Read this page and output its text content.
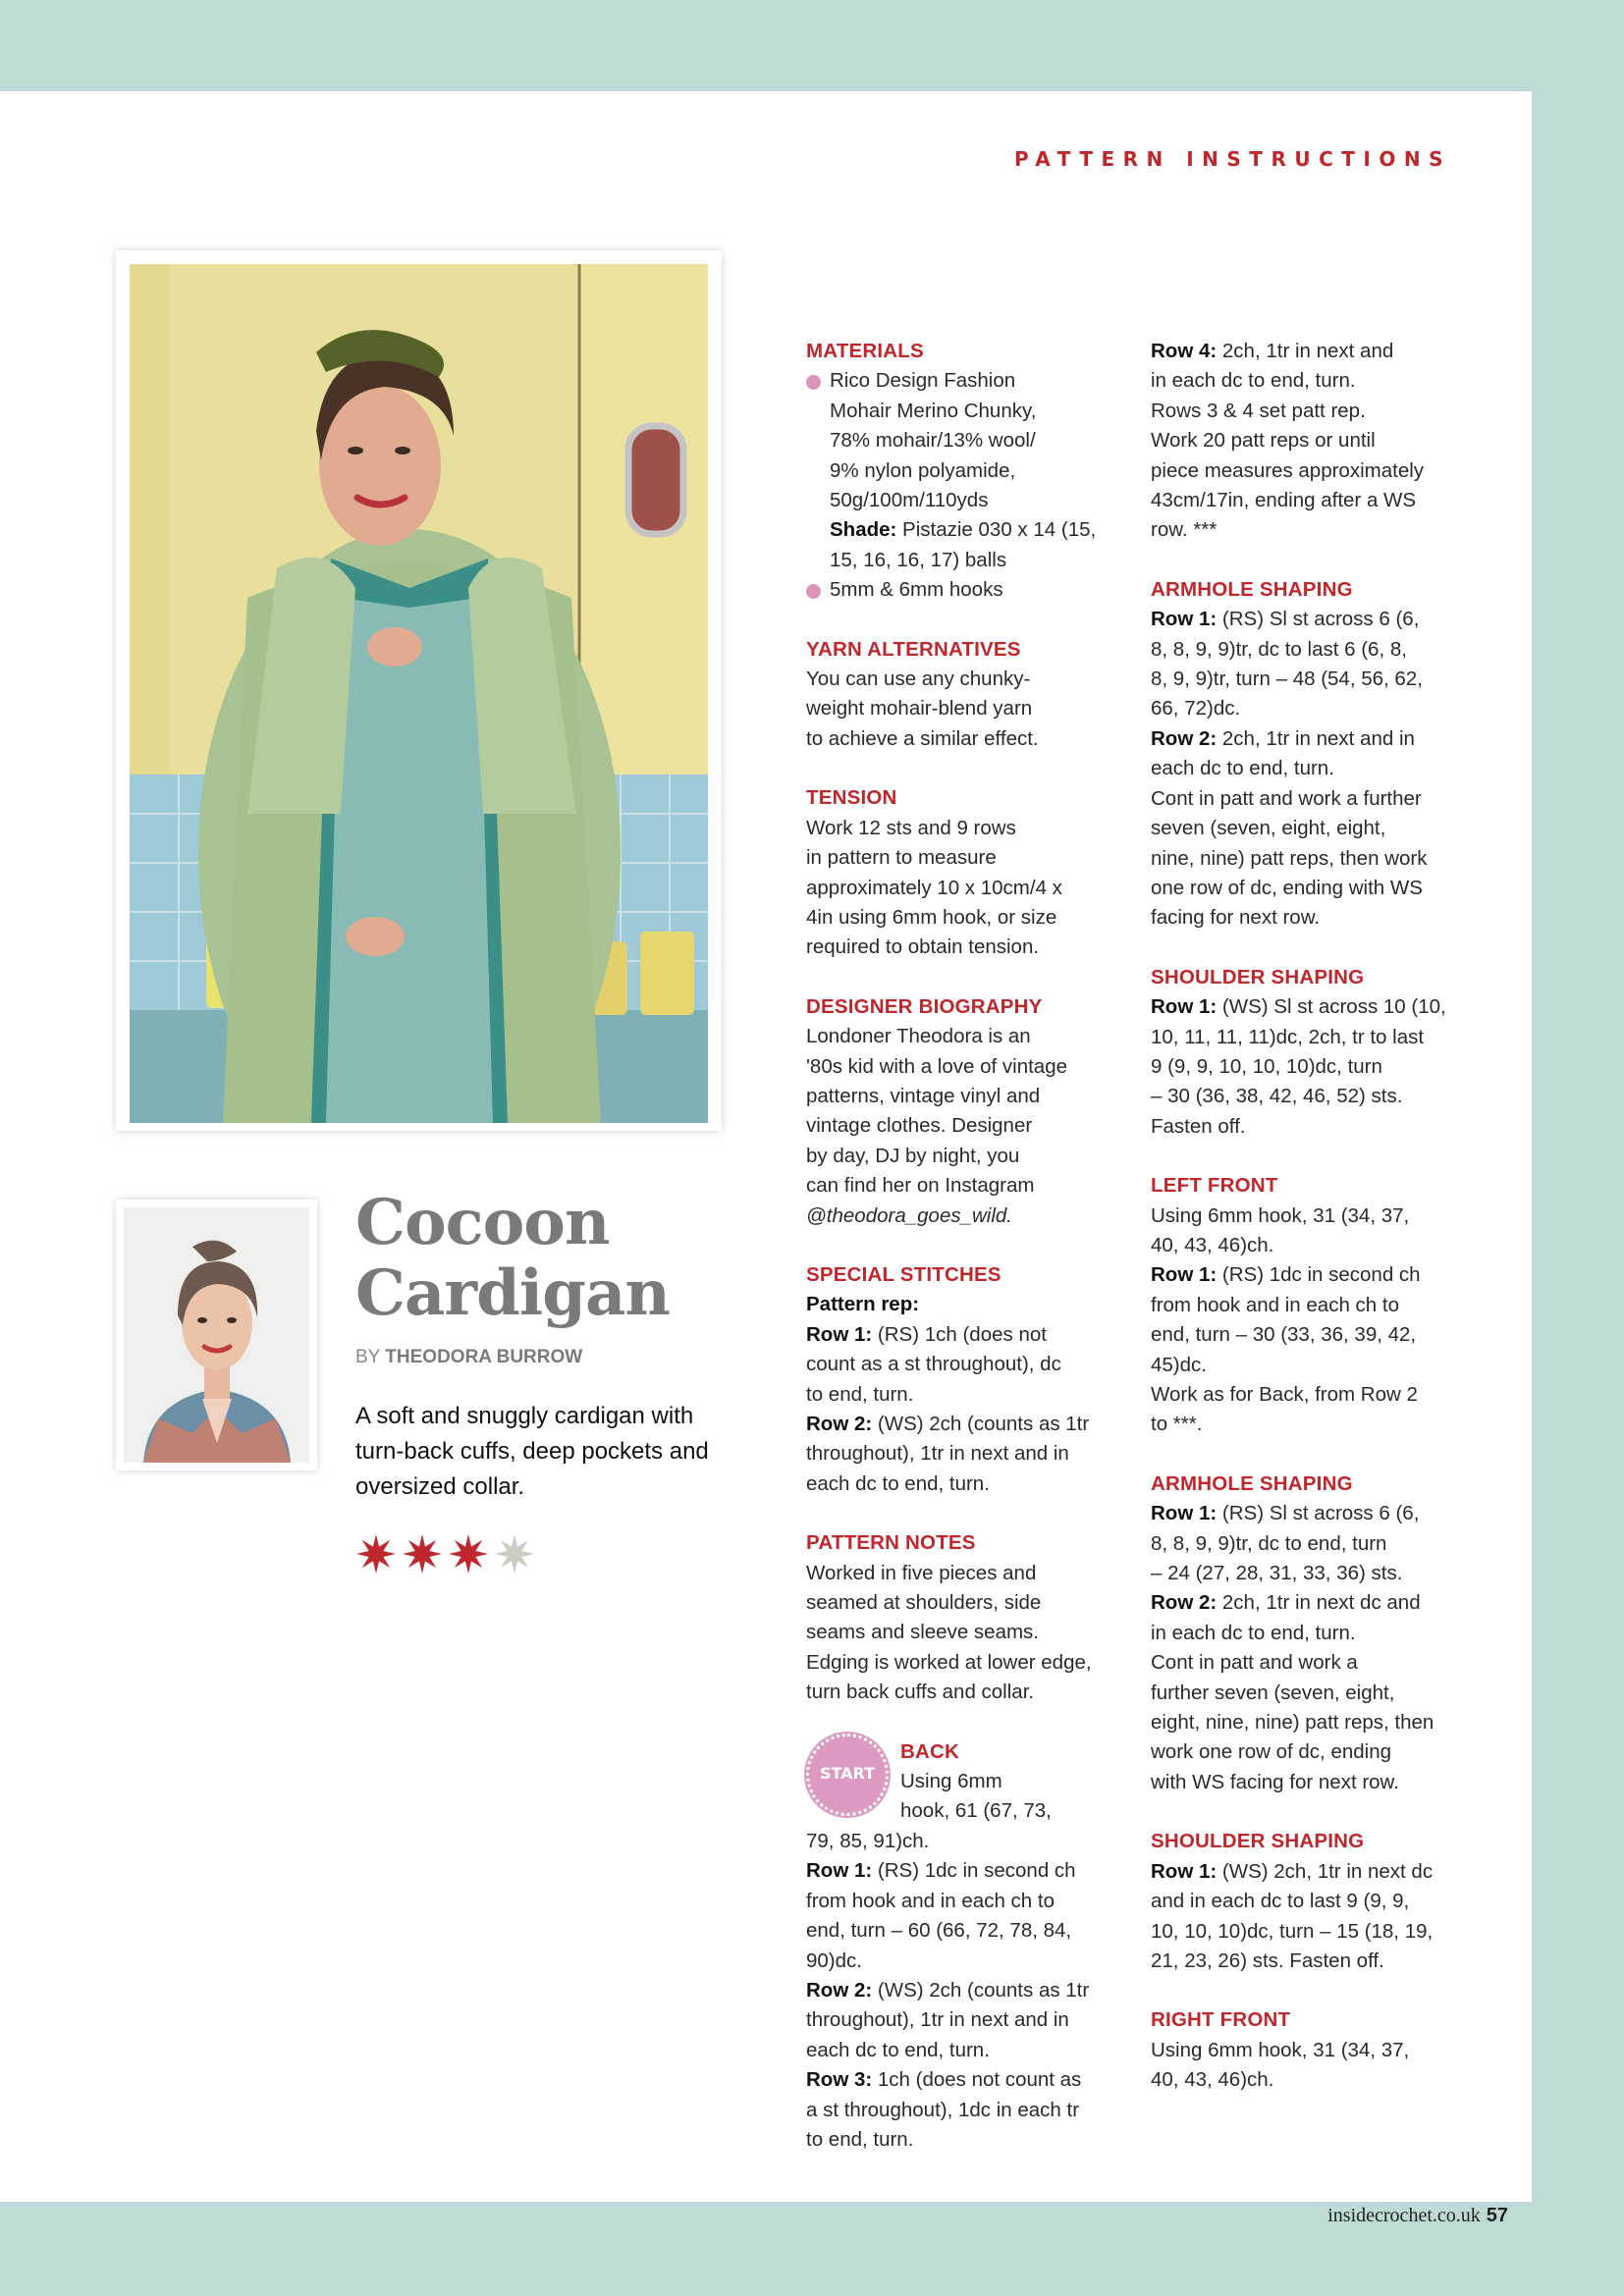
PATTERN INSTRUCTIONS
Cocoon
Cardigan
BY THEODORA BURROW
A soft and snuggly cardigan with turn-back cuffs, deep pockets and oversized collar.
MATERIALS
Rico Design Fashion
Mohair Merino Chunky,
78% mohair/13% wool/
9% nylon polyamide,
50g/100m/110yds
Shade: Pistazie 030 x 14 (15,
15, 16, 16, 17) balls
5mm & 6mm hooks
YARN ALTERNATIVES
You can use any chunky-
weight mohair-blend yarn
to achieve a similar effect.
TENSION
Work 12 sts and 9 rows
in pattern to measure
approximately 10 x 10cm/4 x
4in using 6mm hook, or size
required to obtain tension.
DESIGNER BIOGRAPHY
Londoner Theodora is an
'80s kid with a love of vintage
patterns, vintage vinyl and
vintage clothes. Designer
by day, DJ by night, you
can find her on Instagram
@theodora_goes_wild.
SPECIAL STITCHES
Pattern rep:
Row 1: (RS) 1ch (does not
count as a st throughout), dc
to end, turn.
Row 2: (WS) 2ch (counts as 1tr
throughout), 1tr in next and in
each dc to end, turn.
PATTERN NOTES
Worked in five pieces and
seamed at shoulders, side
seams and sleeve seams.
Edging is worked at lower edge,
turn back cuffs and collar.
START
BACK
Using 6mm
hook, 61 (67, 73,
79, 85, 91)ch.
Row 1: (RS) 1dc in second ch
from hook and in each ch to
end, turn – 60 (66, 72, 78, 84,
90)dc.
Row 2: (WS) 2ch (counts as 1tr
throughout), 1tr in next and in
each dc to end, turn.
Row 3: 1ch (does not count as
a st throughout), 1dc in each tr
to end, turn.
Row 4: 2ch, 1tr in next and
in each dc to end, turn.
Rows 3 & 4 set patt rep.
Work 20 patt reps or until
piece measures approximately
43cm/17in, ending after a WS
row. ***
ARMHOLE SHAPING
Row 1: (RS) Sl st across 6 (6,
8, 8, 9, 9)tr, dc to last 6 (6, 8,
8, 9, 9)tr, turn – 48 (54, 56, 62,
66, 72)dc.
Row 2: 2ch, 1tr in next and in
each dc to end, turn.
Cont in patt and work a further
seven (seven, eight, eight,
nine, nine) patt reps, then work
one row of dc, ending with WS
facing for next row.
SHOULDER SHAPING
Row 1: (WS) Sl st across 10 (10,
10, 11, 11, 11)dc, 2ch, tr to last
9 (9, 9, 10, 10, 10)dc, turn
– 30 (36, 38, 42, 46, 52) sts.
Fasten off.
LEFT FRONT
Using 6mm hook, 31 (34, 37,
40, 43, 46)ch.
Row 1: (RS) 1dc in second ch
from hook and in each ch to
end, turn – 30 (33, 36, 39, 42,
45)dc.
Work as for Back, from Row 2
to ***.
ARMHOLE SHAPING
Row 1: (RS) Sl st across 6 (6,
8, 8, 9, 9)tr, dc to end, turn
– 24 (27, 28, 31, 33, 36) sts.
Row 2: 2ch, 1tr in next dc and
in each dc to end, turn.
Cont in patt and work a
further seven (seven, eight,
eight, nine, nine) patt reps, then
work one row of dc, ending
with WS facing for next row.
SHOULDER SHAPING
Row 1: (WS) 2ch, 1tr in next dc
and in each dc to last 9 (9, 9,
10, 10, 10)dc, turn – 15 (18, 19,
21, 23, 26) sts. Fasten off.
RIGHT FRONT
Using 6mm hook, 31 (34, 37,
40, 43, 46)ch.
insidecrochet.co.uk 57
